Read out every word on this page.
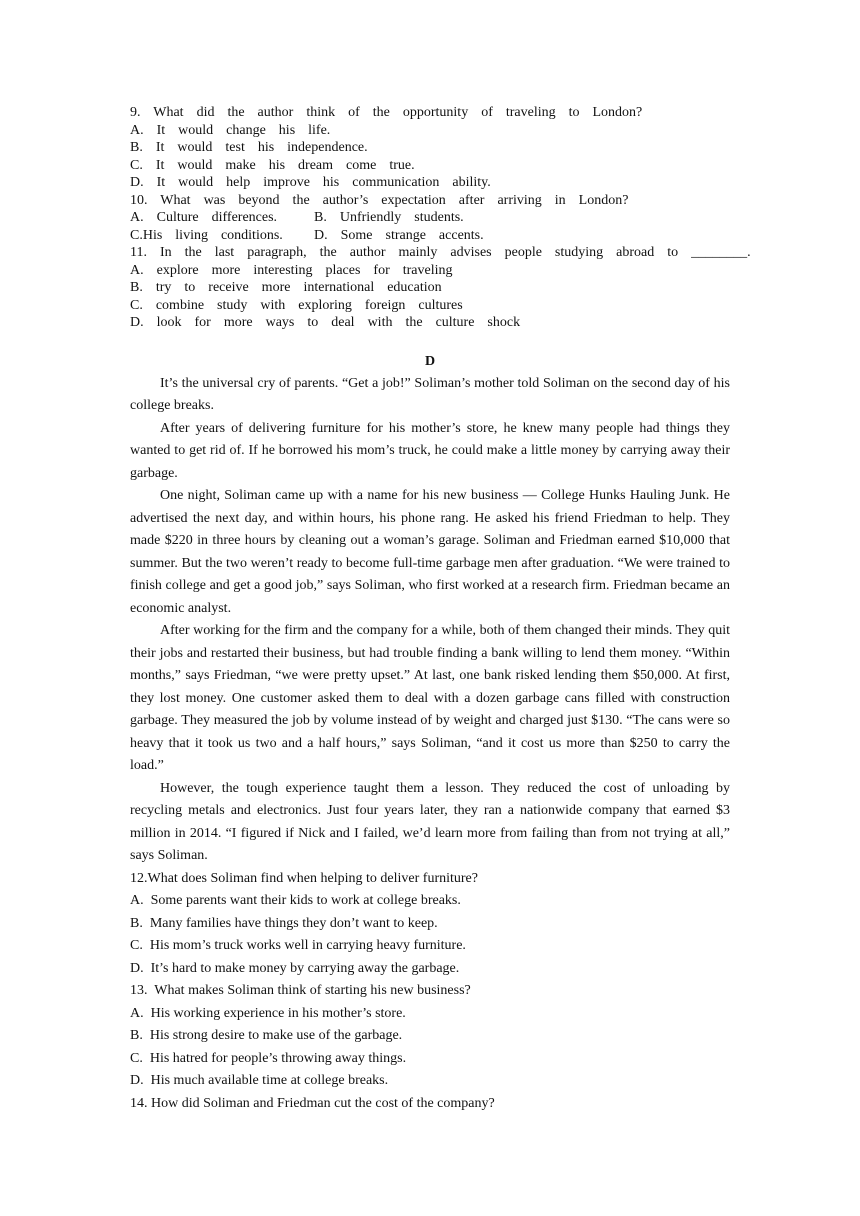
9.  What  did  the  author  think  of  the  opportunity  of  traveling  to  London?
A.  It  would  change  his  life.
B.  It  would  test  his  independence.
C.  It  would  make  his  dream  come  true.
D.  It  would  help  improve  his  communication  ability.
10.  What  was  beyond  the  author’s  expectation  after  arriving  in  London?
A.  Culture  differences.	B.  Unfriendly  students.
C.His  living  conditions.	D.  Some  strange  accents.
11.  In  the  last  paragraph,  the  author  mainly  advises  people  studying  abroad  to  ________.
A.  explore  more  interesting  places  for  traveling
B.  try  to  receive  more  international  education
C.  combine  study  with  exploring  foreign  cultures
D.  look  for  more  ways  to  deal  with  the  culture  shock
D

It’s the universal cry of parents. “Get a job!” Soliman’s mother told Soliman on the second day of his college breaks.

After years of delivering furniture for his mother’s store, he knew many people had things they wanted to get rid of. If he borrowed his mom’s truck, he could make a little money by carrying away their garbage.

One night, Soliman came up with a name for his new business — College Hunks Hauling Junk. He advertised the next day, and within hours, his phone rang. He asked his friend Friedman to help. They made $220 in three hours by cleaning out a woman’s garage. Soliman and Friedman earned $10,000 that summer. But the two weren’t ready to become full-time garbage men after graduation. “We were trained to finish college and get a good job,” says Soliman, who first worked at a research firm. Friedman became an economic analyst.

After working for the firm and the company for a while, both of them changed their minds. They quit their jobs and restarted their business, but had trouble finding a bank willing to lend them money. “Within months,” says Friedman, “we were pretty upset.” At last, one bank risked lending them $50,000. At first, they lost money. One customer asked them to deal with a dozen garbage cans filled with construction garbage. They measured the job by volume instead of by weight and charged just $130. “The cans were so heavy that it took us two and a half hours,” says Soliman, “and it cost us more than $250 to carry the load.”

However, the tough experience taught them a lesson. They reduced the cost of unloading by recycling metals and electronics. Just four years later, they ran a nationwide company that earned $3 million in 2014. “I figured if Nick and I failed, we’d learn more from failing than from not trying at all,” says Soliman.

12.What does Soliman find when helping to deliver furniture?
A.  Some parents want their kids to work at college breaks.
B.  Many families have things they don’t want to keep.
C.  His mom’s truck works well in carrying heavy furniture.
D.  It’s hard to make money by carrying away the garbage.
13.  What makes Soliman think of starting his new business?
A.  His working experience in his mother’s store.
B.  His strong desire to make use of the garbage.
C.  His hatred for people’s throwing away things.
D.  His much available time at college breaks.
14. How did Soliman and Friedman cut the cost of the company?
